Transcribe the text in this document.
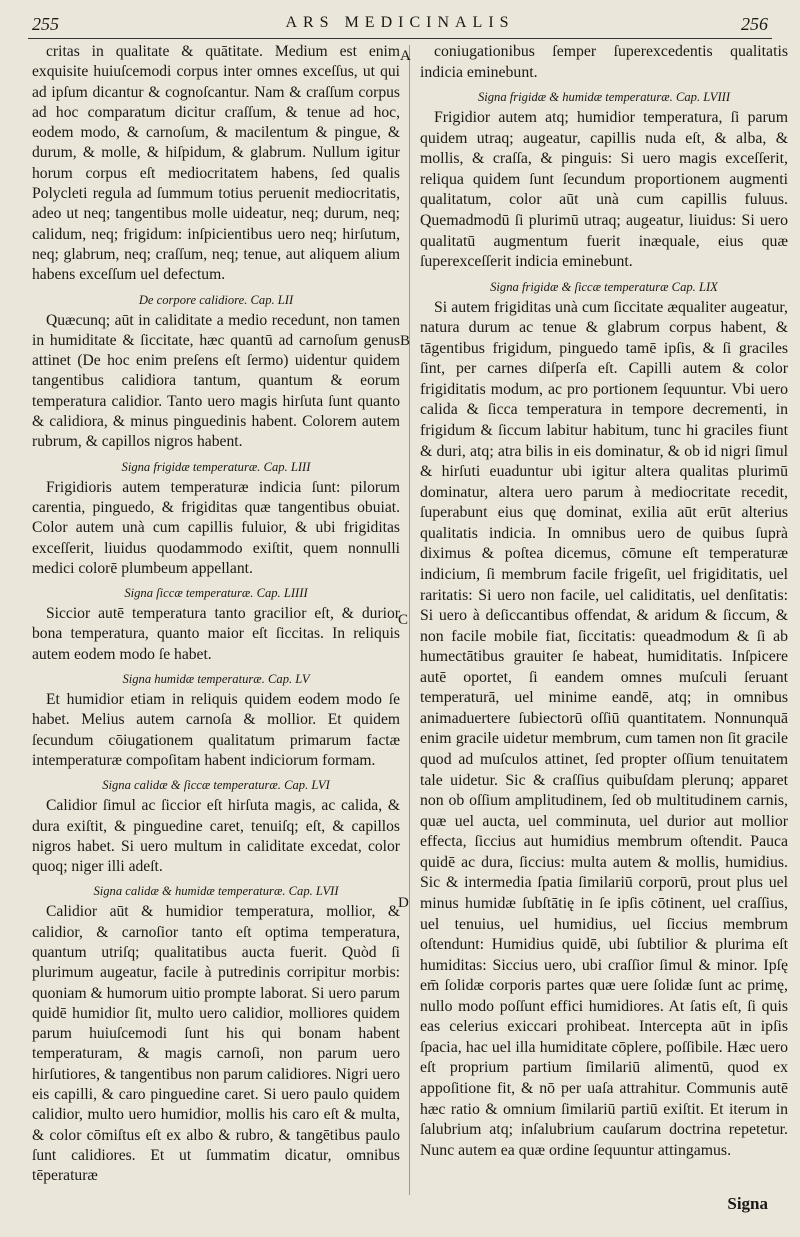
255	ARS MEDICINALIS	256
A
B
C
D

critas in qualitate & quātitate. Medium est enim exquisite huiuſcemodi corpus inter omnes exceſſus, ut qui ad ipſum dicantur & cognoſcantur. Nam & craſſum corpus ad hoc comparatum dicitur craſſum, & tenue ad hoc, eodem modo, & carnoſum, & macilentum & pingue, & durum, & molle, & hiſpidum, & glabrum. Nullum igitur horum corpus eſt mediocritatem habens, ſed qualis Polycleti regula ad ſummum totius peruenit mediocritatis, adeo ut neq; tangentibus molle uideatur, neq; durum, neq; calidum, neq; frigidum: inſpicientibus uero neq; hirſutum, neq; glabrum, neq; craſſum, neq; tenue, aut aliquem alium habens exceſſum uel defectum.

De corpore calidiore. Cap. LII

Quæcunq; aūt in caliditate a medio recedunt, non tamen in humiditate & ſiccitate, hæc quantū ad carnoſum genus attinet (De hoc enim preſens eſt ſermo) uidentur quidem tangentibus calidiora tantum, quantum & eorum temperatura calidior. Tanto uero magis hirſuta ſunt quanto & calidiora, & minus pinguedinis habent. Colorem autem rubrum, & capillos nigros habent.

Signa frigidæ temperaturæ. Cap. LIII

Frigidioris autem temperaturæ indicia ſunt: pilorum carentia, pinguedo, & frigiditas quæ tangentibus obuiat. Color autem unà cum capillis fuluior, & ubi frigiditas exceſſerit, liuidus quodammodo exiſtit, quem nonnulli medici colorē plumbeum appellant.

Signa ſiccæ temperaturæ. Cap. LIIII

Siccior autē temperatura tanto gracilior eſt, & durior bona temperatura, quanto maior eſt ſiccitas. In reliquis autem eodem modo ſe habet.

Signa humidæ temperaturæ. Cap. LV

Et humidior etiam in reliquis quidem eodem modo ſe habet. Melius autem carnoſa & mollior. Et quidem ſecundum cōiugationem qualitatum primarum factæ intemperaturæ compoſitam habent indiciorum formam.

Signa calidæ & ſiccæ temperaturæ. Cap. LVI

Calidior ſimul ac ſiccior eſt hirſuta magis, ac calida, & dura exiſtit, & pinguedine caret, tenuiſq; eſt, & capillos nigros habet. Si uero multum in caliditate excedat, color quoq; niger illi adeſt.

Signa calidæ & humidæ temperaturæ. Cap. LVII

Calidior aūt & humidior temperatura, mollior, & calidior, & carnoſior tanto eſt optima temperatura, quantum utriſq; qualitatibus aucta fuerit. Quòd ſi plurimum augeatur, facile à putredinis corripitur morbis: quoniam & humorum uitio prompte laborat. Si uero parum quidē humidior ſit, multo uero calidior, molliores quidem parum huiuſcemodi ſunt his qui bonam habent temperaturam, & magis carnoſi, non parum uero hirſutiores, & tangentibus non parum calidiores. Nigri uero eis capilli, & caro pinguedine caret. Si uero paulo quidem calidior, multo uero humidior, mollis his caro eſt & multa, & color cōmiſtus eſt ex albo & rubro, & tangētibus paulo ſunt calidiores. Et ut ſummatim dicatur, omnibus tēperaturæ

coniugationibus ſemper ſuperexcedentis qualitatis indicia eminebunt.

Signa frigidæ & humidæ temperaturæ. Cap. LVIII

Frigidior autem atq; humidior temperatura, ſi parum quidem utraq; augeatur, capillis nuda eſt, & alba, & mollis, & craſſa, & pinguis: Si uero magis exceſſerit, reliqua quidem ſunt ſecundum proportionem augmenti qualitatum, color aūt unà cum capillis fuluus. Quemadmodū ſi plurimū utraq; augeatur, liuidus: Si uero qualitatū augmentum fuerit inæquale, eius quæ ſuperexceſſerit indicia eminebunt.

Signa frigidæ & ſiccæ temperaturæ Cap. LIX

Si autem frigiditas unà cum ſiccitate æqualiter augeatur, natura durum ac tenue & glabrum corpus habent, & tāgentibus frigidum, pinguedo tamē ipſis, & ſi graciles ſint, per carnes diſperſa eſt. Capilli autem & color frigiditatis modum, ac pro portionem ſequuntur. Vbi uero calida & ſicca temperatura in tempore decrementi, in frigidum & ſiccum labitur habitum, tunc hi graciles fiunt & duri, atq; atra bilis in eis dominatur, & ob id nigri ſimul & hirſuti euaduntur ubi igitur altera qualitas plurimū dominatur, altera uero parum à mediocritate recedit, ſuperabunt eius quę dominat, exilia aūt erūt alterius qualitatis indicia. In omnibus uero de quibus ſuprà diximus & poſtea dicemus, cōmune eſt temperaturæ indicium, ſi membrum facile frigeſit, uel frigiditatis, uel raritatis: Si uero non facile, uel caliditatis, uel denſitatis: Si uero à deſiccantibus offendat, & aridum & ſiccum, & non facile mobile fiat, ſiccitatis: queadmodum & ſi ab humectātibus grauiter ſe habeat, humiditatis. Inſpicere autē oportet, ſi eandem omnes muſculi ſeruant temperaturā, uel minime eandē, atq; in omnibus animaduertere ſubiectorū oſſiū quantitatem. Nonnunquā enim gracile uidetur membrum, cum tamen non ſit gracile quod ad muſculos attinet, ſed propter oſſium tenuitatem tale uidetur. Sic & craſſius quibuſdam plerunq; apparet non ob oſſium amplitudinem, ſed ob multitudinem carnis, quæ uel aucta, uel comminuta, uel durior aut mollior effecta, ſiccius aut humidius membrum oſtendit. Pauca quidē ac dura, ſiccius: multa autem & mollis, humidius. Sic & intermedia ſpatia ſimilariū corporū, prout plus uel minus humidæ ſubſtātię in ſe ipſis cōtinent, uel craſſius, uel tenuius, uel humidius, uel ſiccius membrum oſtendunt: Humidius quidē, ubi ſubtilior & plurima eſt humiditas: Siccius uero, ubi craſſior ſimul & minor. Ipſę em̄ ſolidæ corporis partes quæ uere ſolidæ ſunt ac primę, nullo modo poſſunt effici humidiores. At ſatis eſt, ſi quis eas celerius exiccari prohibeat. Intercepta aūt in ipſis ſpacia, hac uel illa humiditate cōplere, poſſibile. Hæc uero eſt proprium partium ſimilariū alimentū, quod ex appoſitione fit, & nō per uaſa attrahitur. Communis autē hæc ratio & omnium ſimilariū partiū exiſtit. Et iterum in ſalubrium atq; inſalubrium cauſarum doctrina repetetur. Nunc autem ea quæ ordine ſequuntur attingamus.

Signa
